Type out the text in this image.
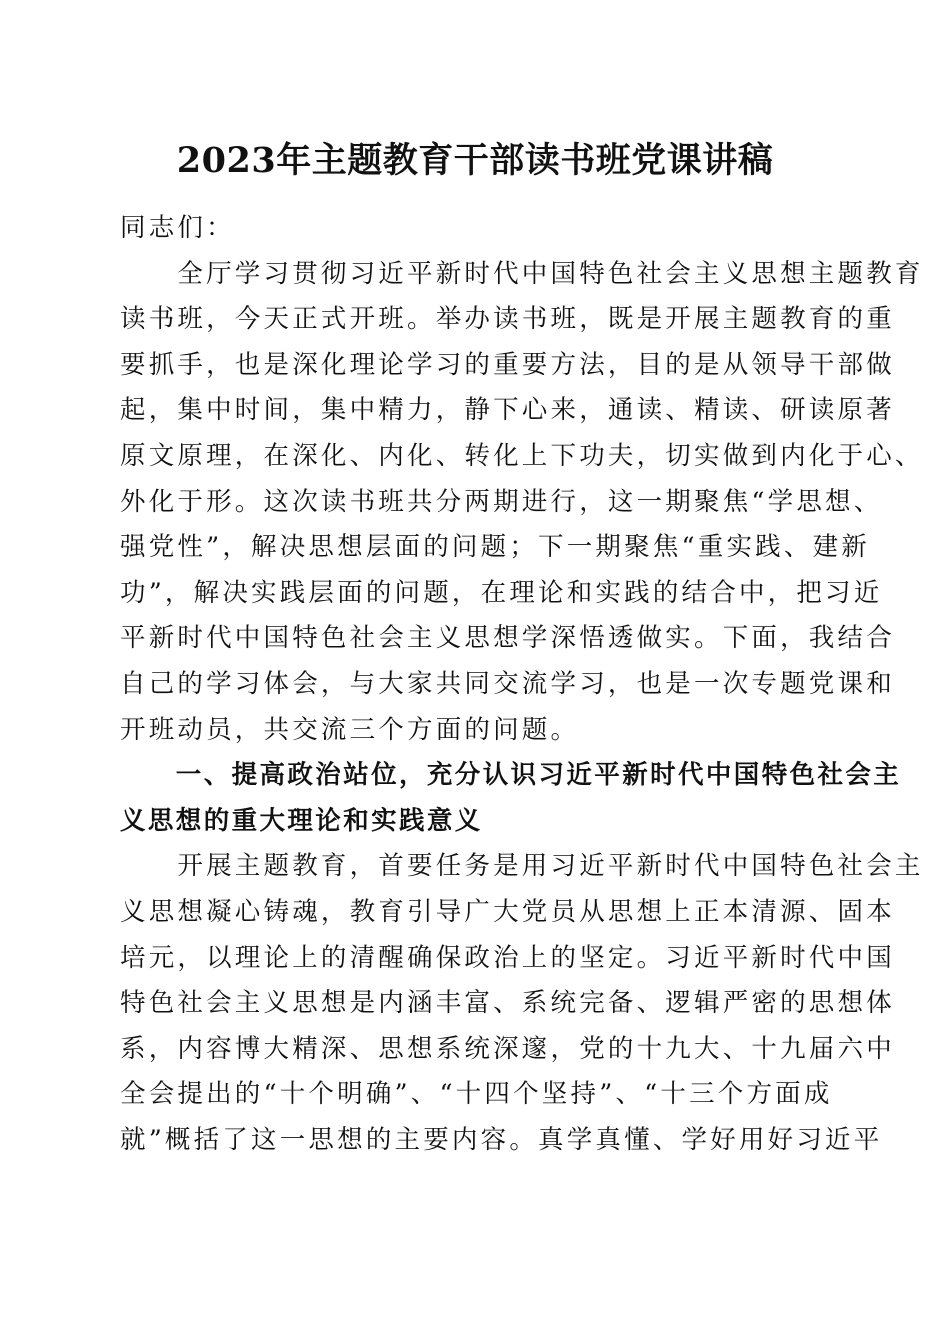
2023年主题教育干部读书班党课讲稿
同志们：
　　全厅学习贯彻习近平新时代中国特色社会主义思想主题教育
读书班，今天正式开班。举办读书班，既是开展主题教育的重
要抓手，也是深化理论学习的重要方法，目的是从领导干部做
起，集中时间，集中精力，静下心来，通读、精读、研读原著
原文原理，在深化、内化、转化上下功夫，切实做到内化于心、
外化于形。这次读书班共分两期进行，这一期聚焦“学思想、
强党性”，解决思想层面的问题；下一期聚焦“重实践、建新
功”，解决实践层面的问题，在理论和实践的结合中，把习近
平新时代中国特色社会主义思想学深悟透做实。下面，我结合
自己的学习体会，与大家共同交流学习，也是一次专题党课和
开班动员，共交流三个方面的问题。
　　一、提高政治站位，充分认识习近平新时代中国特色社会主
义思想的重大理论和实践意义
　　开展主题教育，首要任务是用习近平新时代中国特色社会主
义思想凝心铸魂，教育引导广大党员从思想上正本清源、固本
培元，以理论上的清醒确保政治上的坚定。习近平新时代中国
特色社会主义思想是内涵丰富、系统完备、逻辑严密的思想体
系，内容博大精深、思想系统深邃，党的十九大、十九届六中
全会提出的“十个明确”、“十四个坚持”、“十三个方面成
就”概括了这一思想的主要内容。真学真懂、学好用好习近平
